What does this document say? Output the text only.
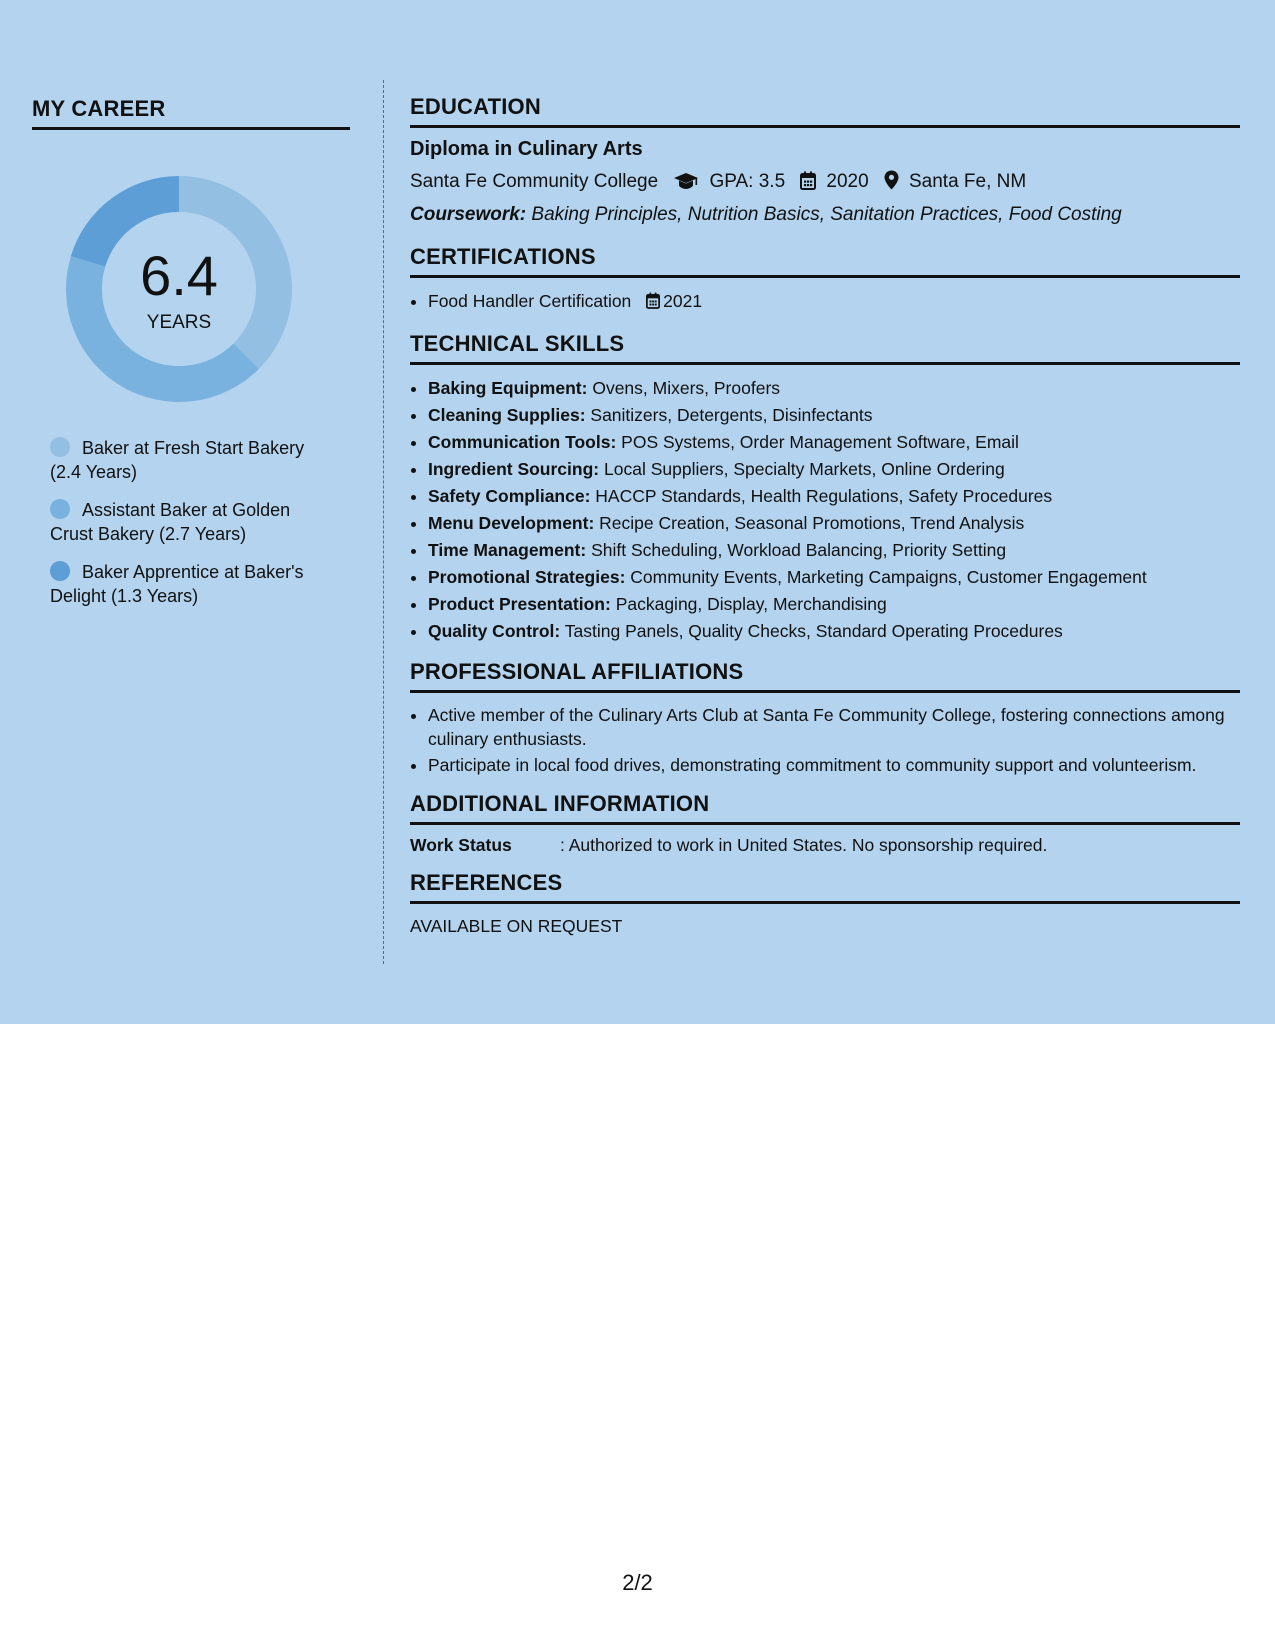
MY CAREER
6.4
YEARS
Baker at Fresh Start Bakery (2.4 Years)
Assistant Baker at Golden Crust Bakery (2.7 Years)
Baker Apprentice at Baker's Delight (1.3 Years)
EDUCATION
Diploma in Culinary Arts
Santa Fe Community College	GPA: 3.5 2020 Santa Fe, NM
Coursework: Baking Principles, Nutrition Basics, Sanitation Practices, Food Costing
CERTIFICATIONS
• Food Handler Certification 2021
TECHNICAL SKILLS
• Baking Equipment: Ovens, Mixers, Proofers
• Cleaning Supplies: Sanitizers, Detergents, Disinfectants
• Communication Tools: POS Systems, Order Management Software, Email
• Ingredient Sourcing: Local Suppliers, Specialty Markets, Online Ordering
• Safety Compliance: HACCP Standards, Health Regulations, Safety Procedures
• Menu Development: Recipe Creation, Seasonal Promotions, Trend Analysis
• Time Management: Shift Scheduling, Workload Balancing, Priority Setting
• Promotional Strategies: Community Events, Marketing Campaigns, Customer Engagement
• Product Presentation: Packaging, Display, Merchandising
• Quality Control: Tasting Panels, Quality Checks, Standard Operating Procedures
PROFESSIONAL AFFILIATIONS
• Active member of the Culinary Arts Club at Santa Fe Community College, fostering connections among culinary enthusiasts.
• Participate in local food drives, demonstrating commitment to community support and volunteerism.
ADDITIONAL INFORMATION
Work Status	: Authorized to work in United States. No sponsorship required.
REFERENCES
AVAILABLE ON REQUEST
2/2
